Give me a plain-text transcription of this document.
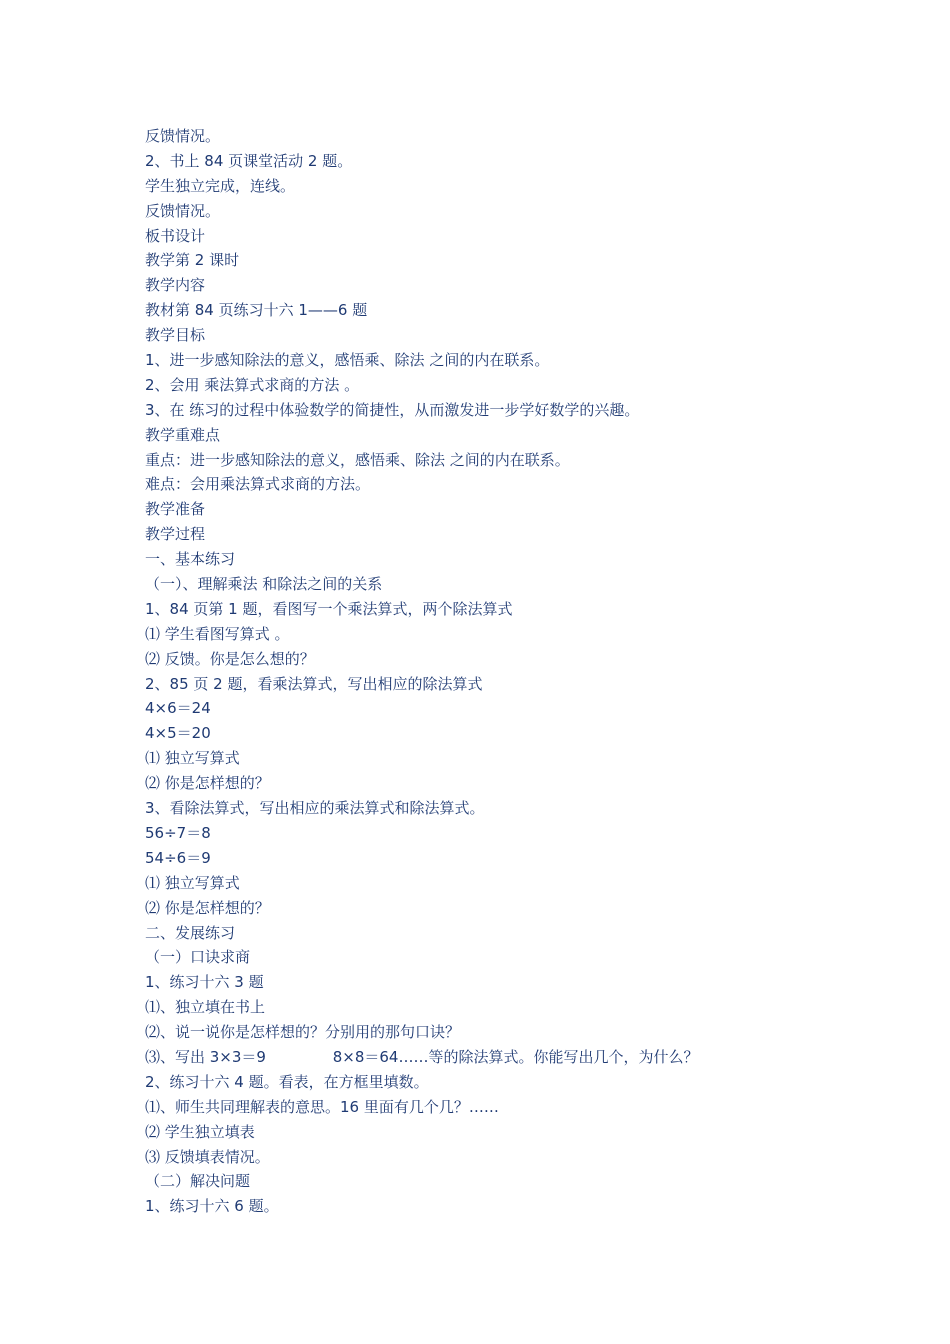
反馈情况。
2、书上 84 页课堂活动 2 题。
学生独立完成，连线。
反馈情况。
板书设计
教学第 2 课时
教学内容
教材第 84 页练习十六 1——6 题
教学目标
1、进一步感知除法的意义，感悟乘、除法 之间的内在联系。
2、会用 乘法算式求商的方法 。
3、在 练习的过程中体验数学的简捷性，从而激发进一步学好数学的兴趣。
教学重难点
重点：进一步感知除法的意义，感悟乘、除法 之间的内在联系。
难点：会用乘法算式求商的方法。
教学准备
教学过程
一、基本练习
（一）、理解乘法 和除法之间的关系
1、84 页第 1 题，看图写一个乘法算式，两个除法算式
⑴ 学生看图写算式 。
⑵ 反馈。你是怎么想的？
2、85 页 2 题，看乘法算式，写出相应的除法算式
4×6＝24
4×5＝20
⑴ 独立写算式
⑵ 你是怎样想的？
3、看除法算式，写出相应的乘法算式和除法算式。
56÷7＝8
54÷6＝9
⑴ 独立写算式
⑵ 你是怎样想的？
二、发展练习
（一）口诀求商
1、练习十六 3 题
⑴、独立填在书上
⑵、说一说你是怎样想的？分别用的那句口诀？
⑶、写出 3×3＝9              8×8＝64……等的除法算式。你能写出几个，为什么？
2、练习十六 4 题。看表，在方框里填数。
⑴、师生共同理解表的意思。16 里面有几个几？……
⑵ 学生独立填表
⑶ 反馈填表情况。
（二）解决问题
1、练习十六 6 题。
